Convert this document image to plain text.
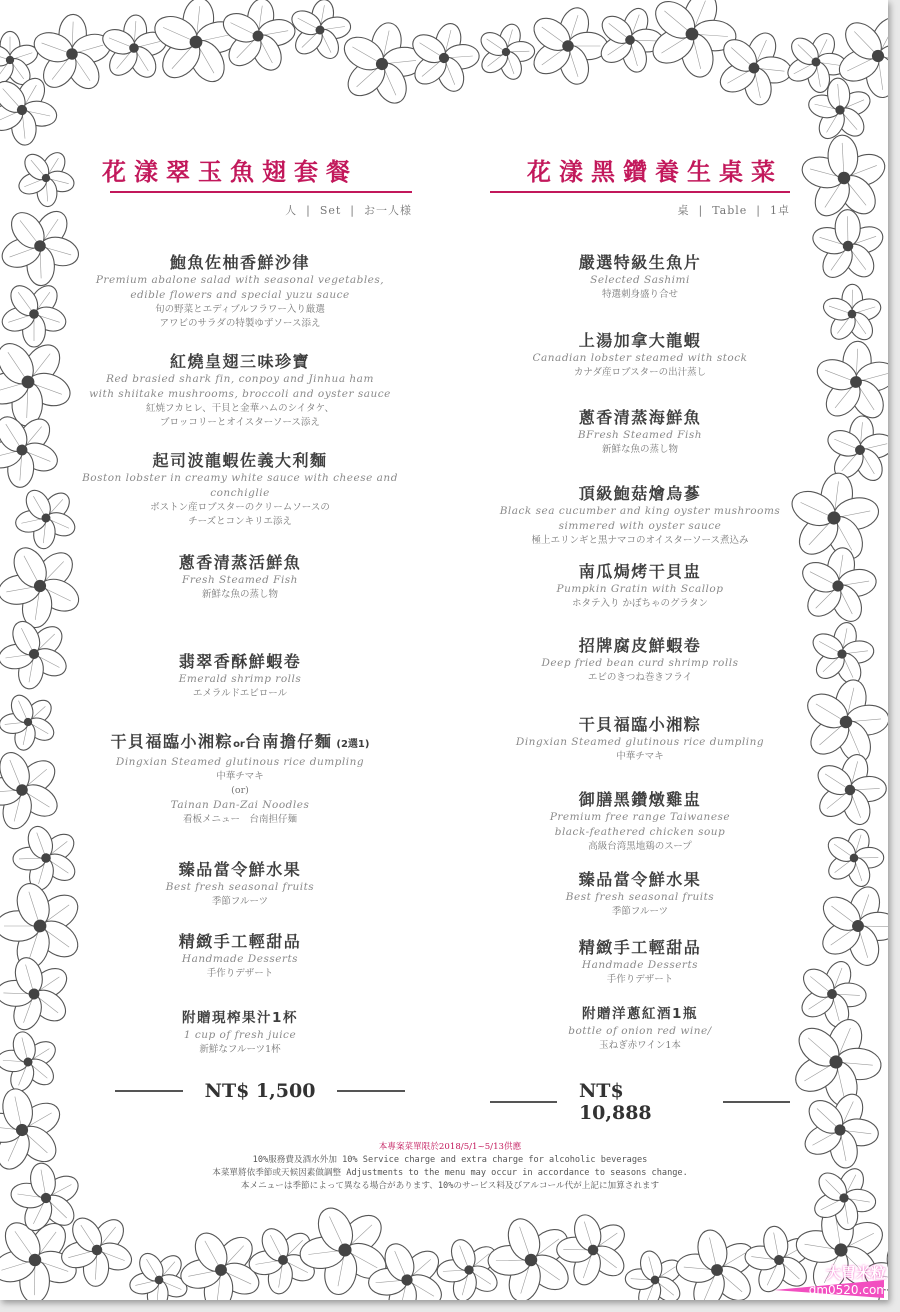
花漾翠玉魚翅套餐
人  |  Set  |  お一人様
鮑魚佐柚香鮮沙律
Premium abalone salad with seasonal vegetables,
edible flowers and special yuzu sauce
旬の野菜とエディブルフラワー入り厳選
アワビのサラダの特製ゆずソース添え
紅燒皇翅三味珍寶
Red brasied shark fin, conpoy and Jinhua ham
with shiitake mushrooms, broccoli and oyster sauce
紅焼フカヒレ、干貝と金華ハムのシイタケ、
ブロッコリーとオイスターソース添え
起司波龍蝦佐義大利麵
Boston lobster in creamy white sauce with cheese and conchiglie
ボストン産ロブスターのクリームソースの
チーズとコンキリエ添え
蔥香清蒸活鮮魚
Fresh Steamed Fish
新鮮な魚の蒸し物
翡翠香酥鮮蝦卷
Emerald shrimp rolls
エメラルドエビロール
干貝福臨小湘粽or台南擔仔麵 (2選1)
Dingxian Steamed glutinous rice dumpling
中華チマキ
(or)
Tainan Dan-Zai Noodles
看板メニュー　台南担仔麺
臻品當令鮮水果
Best fresh seasonal fruits
季節フルーツ
精緻手工輕甜品
Handmade Desserts
手作りデザート
附贈現榨果汁1杯
1 cup of fresh juice
新鮮なフルーツ1杯
NT$ 1,500
花漾黑鑽養生桌菜
桌  |  Table  |  1卓
嚴選特級生魚片
Selected Sashimi
特選刺身盛り合せ
上湯加拿大龍蝦
Canadian lobster steamed with stock
カナダ産ロブスターの出汁蒸し
蔥香清蒸海鮮魚
BFresh Steamed Fish
新鮮な魚の蒸し物
頂級鮑菇燴烏蔘
Black sea cucumber and king oyster mushrooms
simmered with oyster sauce
極上エリンギと黒ナマコのオイスターソース煮込み
南瓜焗烤干貝盅
Pumpkin Gratin with Scallop
ホタテ入り かぼちゃのグラタン
招牌腐皮鮮蝦卷
Deep fried bean curd shrimp rolls
エビのきつね巻きフライ
干貝福臨小湘粽
Dingxian Steamed glutinous rice dumpling
中華チマキ
御膳黑鑽燉雞盅
Premium free range Taiwanese
black-feathered chicken soup
高級台湾黒地鶏のスープ
臻品當令鮮水果
Best fresh seasonal fruits
季節フルーツ
精緻手工輕甜品
Handmade Desserts
手作りデザート
附贈洋蔥紅酒1瓶
bottle of onion red wine/
玉ねぎ赤ワイン1本
NT$ 10,888
本專案菜單限於2018/5/1~5/13供應
10%服務費及酒水外加 10% Service charge and extra charge for alcoholic beverages
本菜單將依季節或天候因素做調整 Adjustments to the menu may occur in accordance to seasons change.
本メニューは季節によって異なる場合があります、10%のサービス料及びアルコール代が上記に加算されます
大胃米粒
dm0520.com
